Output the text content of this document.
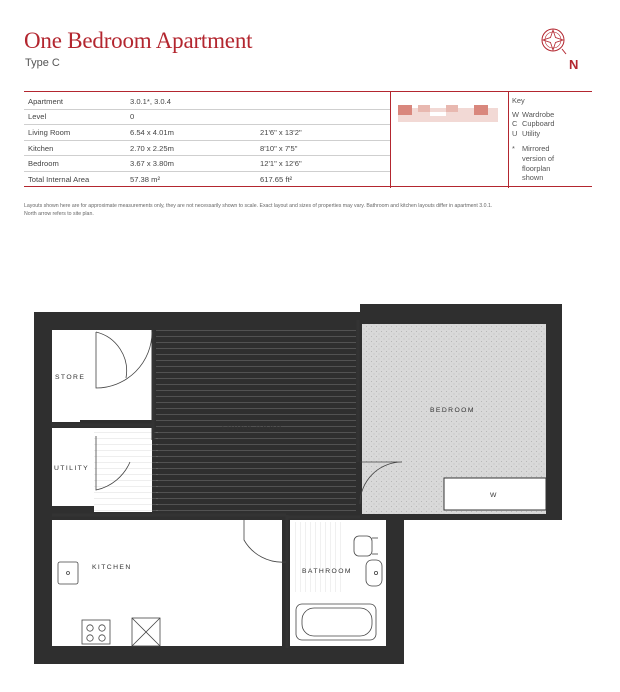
One Bedroom Apartment
Type C	N
Apartment	3.0.1*, 3.0.4	
Level	0	
Living Room	6.54 x 4.01m	21'6" x 13'2"
Kitchen	2.70 x 2.25m	8'10" x 7'5"
Bedroom	3.67 x 3.80m	12'1" x 12'6"
Total Internal Area	57.38 m²	617.65 ft²
Key
W Wardrobe
C Cupboard
U Utility
* Mirrored
version of
floorplan
shown
Layouts shown here are for approximate measurements only, they are not necessarily shown to scale. Exact layout and sizes of properties may vary. Bathroom and kitchen layouts differ in apartment 3.0.1.
North arrow refers to site plan.
STORE
UTILITY
LIVING ROOM
BEDROOM
KITCHEN
BATHROOM
W
